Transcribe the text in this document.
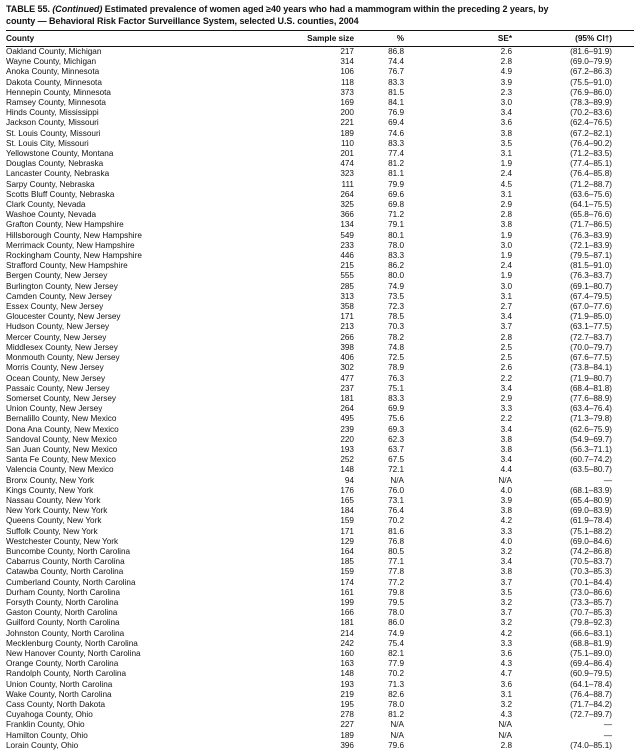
TABLE 55. (Continued) Estimated prevalence of women aged ≥40 years who had a mammogram within the preceding 2 years, by
county — Behavioral Risk Factor Surveillance System, selected U.S. counties, 2004
County	Sample size	%	SE*	(95% CI†)
Oakland County, Michigan	217	86.8	2.6	(81.6–91.9)
Wayne County, Michigan	314	74.4	2.8	(69.0–79.9)
Anoka County, Minnesota	106	76.7	4.9	(67.2–86.3)
Dakota County, Minnesota	118	83.3	3.9	(75.5–91.0)
Hennepin County, Minnesota	373	81.5	2.3	(76.9–86.0)
Ramsey County, Minnesota	169	84.1	3.0	(78.3–89.9)
Hinds County, Mississippi	200	76.9	3.4	(70.2–83.6)
Jackson County, Missouri	221	69.4	3.6	(62.4–76.5)
St. Louis County, Missouri	189	74.6	3.8	(67.2–82.1)
St. Louis City, Missouri	110	83.3	3.5	(76.4–90.2)
Yellowstone County, Montana	201	77.4	3.1	(71.2–83.5)
Douglas County, Nebraska	474	81.2	1.9	(77.4–85.1)
Lancaster County, Nebraska	323	81.1	2.4	(76.4–85.8)
Sarpy County, Nebraska	111	79.9	4.5	(71.2–88.7)
Scotts Bluff County, Nebraska	264	69.6	3.1	(63.6–75.6)
Clark County, Nevada	325	69.8	2.9	(64.1–75.5)
Washoe County, Nevada	366	71.2	2.8	(65.8–76.6)
Grafton County, New Hampshire	134	79.1	3.8	(71.7–86.5)
Hillsborough County, New Hampshire	549	80.1	1.9	(76.3–83.9)
Merrimack County, New Hampshire	233	78.0	3.0	(72.1–83.9)
Rockingham County, New Hampshire	446	83.3	1.9	(79.5–87.1)
Strafford County, New Hampshire	215	86.2	2.4	(81.5–91.0)
Bergen County, New Jersey	555	80.0	1.9	(76.3–83.7)
Burlington County, New Jersey	285	74.9	3.0	(69.1–80.7)
Camden County, New Jersey	313	73.5	3.1	(67.4–79.5)
Essex County, New Jersey	358	72.3	2.7	(67.0–77.6)
Gloucester County, New Jersey	171	78.5	3.4	(71.9–85.0)
Hudson County, New Jersey	213	70.3	3.7	(63.1–77.5)
Mercer County, New Jersey	266	78.2	2.8	(72.7–83.7)
Middlesex County, New Jersey	398	74.8	2.5	(70.0–79.7)
Monmouth County, New Jersey	406	72.5	2.5	(67.6–77.5)
Morris County, New Jersey	302	78.9	2.6	(73.8–84.1)
Ocean County, New Jersey	477	76.3	2.2	(71.9–80.7)
Passaic County, New Jersey	237	75.1	3.4	(68.4–81.8)
Somerset County, New Jersey	181	83.3	2.9	(77.6–88.9)
Union County, New Jersey	264	69.9	3.3	(63.4–76.4)
Bernalillo County, New Mexico	495	75.6	2.2	(71.3–79.8)
Dona Ana County, New Mexico	239	69.3	3.4	(62.6–75.9)
Sandoval County, New Mexico	220	62.3	3.8	(54.9–69.7)
San Juan County, New Mexico	193	63.7	3.8	(56.3–71.1)
Santa Fe County, New Mexico	252	67.5	3.4	(60.7–74.2)
Valencia County, New Mexico	148	72.1	4.4	(63.5–80.7)
Bronx County, New York	94	N/A	N/A	—
Kings County, New York	176	76.0	4.0	(68.1–83.9)
Nassau County, New York	165	73.1	3.9	(65.4–80.9)
New York County, New York	184	76.4	3.8	(69.0–83.9)
Queens County, New York	159	70.2	4.2	(61.9–78.4)
Suffolk County, New York	171	81.6	3.3	(75.1–88.2)
Westchester County, New York	129	76.8	4.0	(69.0–84.6)
Buncombe County, North Carolina	164	80.5	3.2	(74.2–86.8)
Cabarrus County, North Carolina	185	77.1	3.4	(70.5–83.7)
Catawba County, North Carolina	159	77.8	3.8	(70.3–85.3)
Cumberland County, North Carolina	174	77.2	3.7	(70.1–84.4)
Durham County, North Carolina	161	79.8	3.5	(73.0–86.6)
Forsyth County, North Carolina	199	79.5	3.2	(73.3–85.7)
Gaston County, North Carolina	166	78.0	3.7	(70.7–85.3)
Guilford County, North Carolina	181	86.0	3.2	(79.8–92.3)
Johnston County, North Carolina	214	74.9	4.2	(66.6–83.1)
Mecklenburg County, North Carolina	242	75.4	3.3	(68.8–81.9)
New Hanover County, North Carolina	160	82.1	3.6	(75.1–89.0)
Orange County, North Carolina	163	77.9	4.3	(69.4–86.4)
Randolph County, North Carolina	148	70.2	4.7	(60.9–79.5)
Union County, North Carolina	193	71.3	3.6	(64.1–78.4)
Wake County, North Carolina	219	82.6	3.1	(76.4–88.7)
Cass County, North Dakota	195	78.0	3.2	(71.7–84.2)
Cuyahoga County, Ohio	278	81.2	4.3	(72.7–89.7)
Franklin County, Ohio	227	N/A	N/A	—
Hamilton County, Ohio	189	N/A	N/A	—
Lorain County, Ohio	396	79.6	2.8	(74.0–85.1)
